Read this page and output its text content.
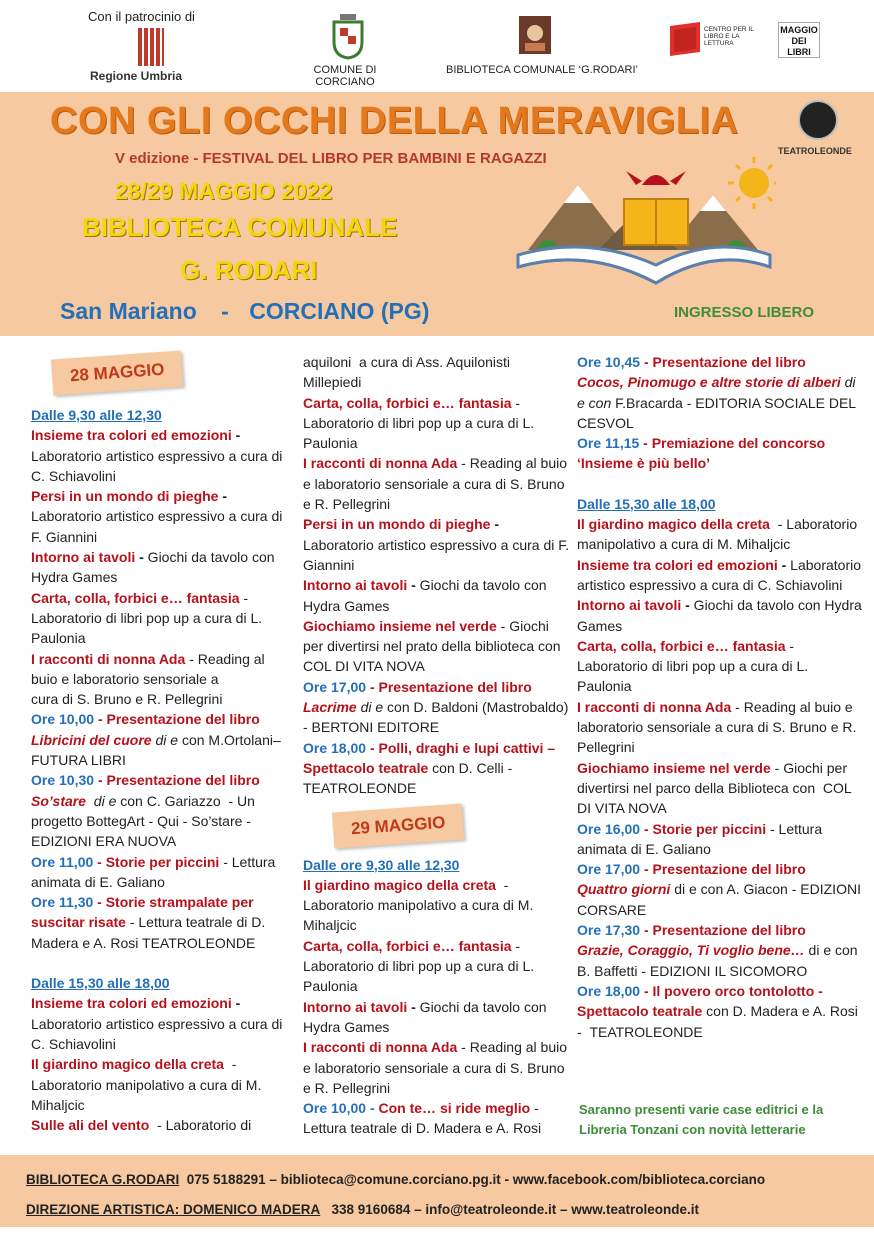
Con il patrocinio di
Regione Umbria	COMUNE DI CORCIANO
BIBLIOTECA COMUNALE ‘G.RODARI’
CENTRO PER IL LIBRO E LA LETTURA
MAGGIO DEI LIBRI
CON GLI OCCHI DELLA MERAVIGLIA
V edizione - FESTIVAL DEL LIBRO PER BAMBINI E RAGAZZI
28/29 MAGGIO 2022
BIBLIOTECA COMUNALE
G. RODARI
San Mariano - CORCIANO (PG)	INGRESSO LIBERO
TEATROLEONDE
28 MAGGIO
29 MAGGIO

Dalle 9,30 alle 12,30

Insieme tra colori ed emozioni - Laboratorio artistico espressivo a cura di C. Schiavolini

Persi in un mondo di pieghe - Laboratorio artistico espressivo a cura di F. Giannini

Intorno ai tavoli - Giochi da tavolo con Hydra Games

Carta, colla, forbici e… fantasia - Laboratorio di libri pop up a cura di L. Paulonia

I racconti di nonna Ada - Reading al buio e laboratorio sensoriale a
cura di S. Bruno e R. Pellegrini

Ore 10,00 - Presentazione del libro

Libricini del cuore di e con M.Ortolani– FUTURA LIBRI

Ore 10,30 - Presentazione del libro

So’stare di e con C. Gariazzo  - Un progetto BottegArt - Qui - So’stare - EDIZIONI ERA NUOVA

Ore 11,00 - Storie per piccini - Lettura animata di E. Galiano

Ore 11,30 - Storie strampalate per suscitar risate - Lettura teatrale di D. Madera e A. Rosi TEATROLEONDE

Dalle 15,30 alle 18,00

Insieme tra colori ed emozioni - Laboratorio artistico espressivo a cura di C. Schiavolini

Il giardino magico della creta  - Laboratorio manipolativo a cura di M. Mihaljcic

Sulle ali del vento  - Laboratorio di

aquiloni  a cura di Ass. Aquilonisti Millepiedi

Carta, colla, forbici e… fantasia - Laboratorio di libri pop up a cura di L. Paulonia

I racconti di nonna Ada - Reading al buio e laboratorio sensoriale a cura di S. Bruno e R. Pellegrini

Persi in un mondo di pieghe - Laboratorio artistico espressivo a cura di F. Giannini

Intorno ai tavoli - Giochi da tavolo con Hydra Games

Giochiamo insieme nel verde - Giochi per divertirsi nel prato della biblioteca con COL DI VITA NOVA

Ore 17,00 - Presentazione del libro

Lacrime di e con D. Baldoni (Mastrobaldo) - BERTONI EDITORE

Ore 18,00 - Polli, draghi e lupi cattivi – Spettacolo teatrale con D. Celli - TEATROLEONDE

Dalle ore 9,30 alle 12,30

Il giardino magico della creta  - Laboratorio manipolativo a cura di M. Mihaljcic

Carta, colla, forbici e… fantasia - Laboratorio di libri pop up a cura di L. Paulonia

Intorno ai tavoli - Giochi da tavolo con Hydra Games

I racconti di nonna Ada - Reading al buio e laboratorio sensoriale a cura di S. Bruno e R. Pellegrini

Ore 10,00 - Con te… si ride meglio - Lettura teatrale di D. Madera e A. Rosi

Ore 10,45 - Presentazione del libro

Cocos, Pinomugo e altre storie di alberi di e con F.Bracarda - EDITORIA SOCIALE DEL CESVOL

Ore 11,15 - Premiazione del concorso ‘Insieme è più bello’

Dalle 15,30 alle 18,00

Il giardino magico della creta  - Laboratorio manipolativo a cura di M. Mihaljcic

Insieme tra colori ed emozioni - Laboratorio artistico espressivo a cura di C. Schiavolini

Intorno ai tavoli - Giochi da tavolo con Hydra Games

Carta, colla, forbici e… fantasia - Laboratorio di libri pop up a cura di L. Paulonia

I racconti di nonna Ada - Reading al buio e laboratorio sensoriale a cura di S. Bruno e R. Pellegrini

Giochiamo insieme nel verde - Giochi per divertirsi nel parco della Biblioteca con  COL DI VITA NOVA

Ore 16,00 - Storie per piccini - Lettura animata di E. Galiano

Ore 17,00 - Presentazione del libro

Quattro giorni di e con A. Giacon - EDIZIONI CORSARE

Ore 17,30 - Presentazione del libro

Grazie, Coraggio, Ti voglio bene… di e con B. Baffetti - EDIZIONI IL SICOMORO

Ore 18,00 - Il povero orco tontolotto - Spettacolo teatrale con D. Madera e A. Rosi -  TEATROLEONDE

Saranno presenti varie case editrici e la Libreria Tonzani con novità letterarie
BIBLIOTECA G.RODARI 075 5188291 – biblioteca@comune.corciano.pg.it - www.facebook.com/biblioteca.corciano
DIREZIONE ARTISTICA: DOMENICO MADERA 338 9160684 – info@teatroleonde.it – www.teatroleonde.it
